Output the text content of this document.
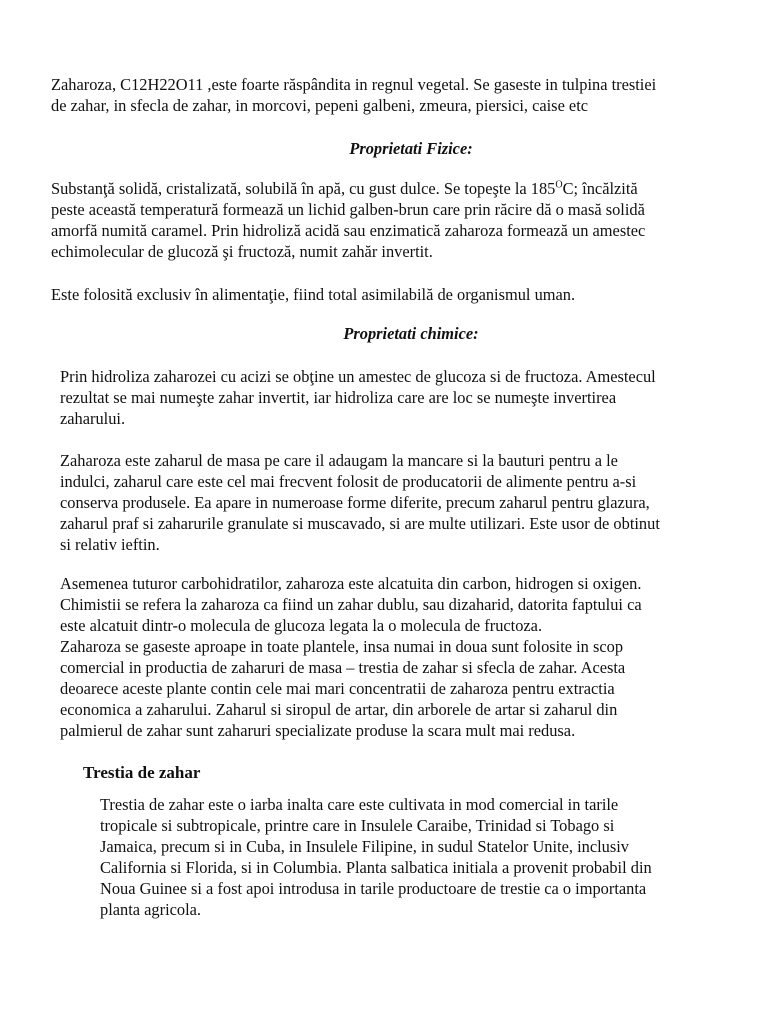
Zaharoza, C12H22O11 ,este foarte răspândita in regnul vegetal. Se gaseste in tulpina trestiei
de zahar, in sfecla de zahar, in morcovi, pepeni galbeni, zmeura, piersici, caise etc

Proprietati Fizice:

Substanţă solidă, cristalizată, solubilă în apă, cu gust dulce. Se topeşte la $185^OC$; încălzită
peste această temperatură formează un lichid galben-brun care prin răcire dă o masă solidă
amorfă numită caramel. Prin hidroliză acidă sau enzimatică zaharoza formează un amestec
echimolecular de glucoză şi fructoză, numit zahăr invertit.

Este folosită exclusiv în alimentaţie, fiind total asimilabilă de organismul uman.

Proprietati chimice:

Prin hidroliza zaharozei cu acizi se obţine un amestec de glucoza si de fructoza. Amestecul
rezultat se mai numeşte zahar invertit, iar hidroliza care are loc se numeşte invertirea
zaharului.

Zaharoza este zaharul de masa pe care il adaugam la mancare si la bauturi pentru a le
indulci, zaharul care este cel mai frecvent folosit de producatorii de alimente pentru a-si
conserva produsele. Ea apare in numeroase forme diferite, precum zaharul pentru glazura,
zaharul praf si zaharurile granulate si muscavado, si are multe utilizari. Este usor de obtinut
si relativ ieftin.

Asemenea tuturor carbohidratilor, zaharoza este alcatuita din carbon, hidrogen si oxigen.
Chimistii se refera la zaharoza ca fiind un zahar dublu, sau dizaharid, datorita faptului ca
este alcatuit dintr-o molecula de glucoza legata la o molecula de fructoza.
Zaharoza se gaseste aproape in toate plantele, insa numai in doua sunt folosite in scop
comercial in productia de zaharuri de masa – trestia de zahar si sfecla de zahar. Acesta
deoarece aceste plante contin cele mai mari concentratii de zaharoza pentru extractia
economica a zaharului. Zaharul si siropul de artar, din arborele de artar si zaharul din
palmierul de zahar sunt zaharuri specializate produse la scara mult mai redusa.

Trestia de zahar

Trestia de zahar este o iarba inalta care este cultivata in mod comercial in tarile
tropicale si subtropicale, printre care in Insulele Caraibe, Trinidad si Tobago si
Jamaica, precum si in Cuba, in Insulele Filipine, in sudul Statelor Unite, inclusiv
California si Florida, si in Columbia. Planta salbatica initiala a provenit probabil din
Noua Guinee si a fost apoi introdusa in tarile productoare de trestie ca o importanta
planta agricola.
